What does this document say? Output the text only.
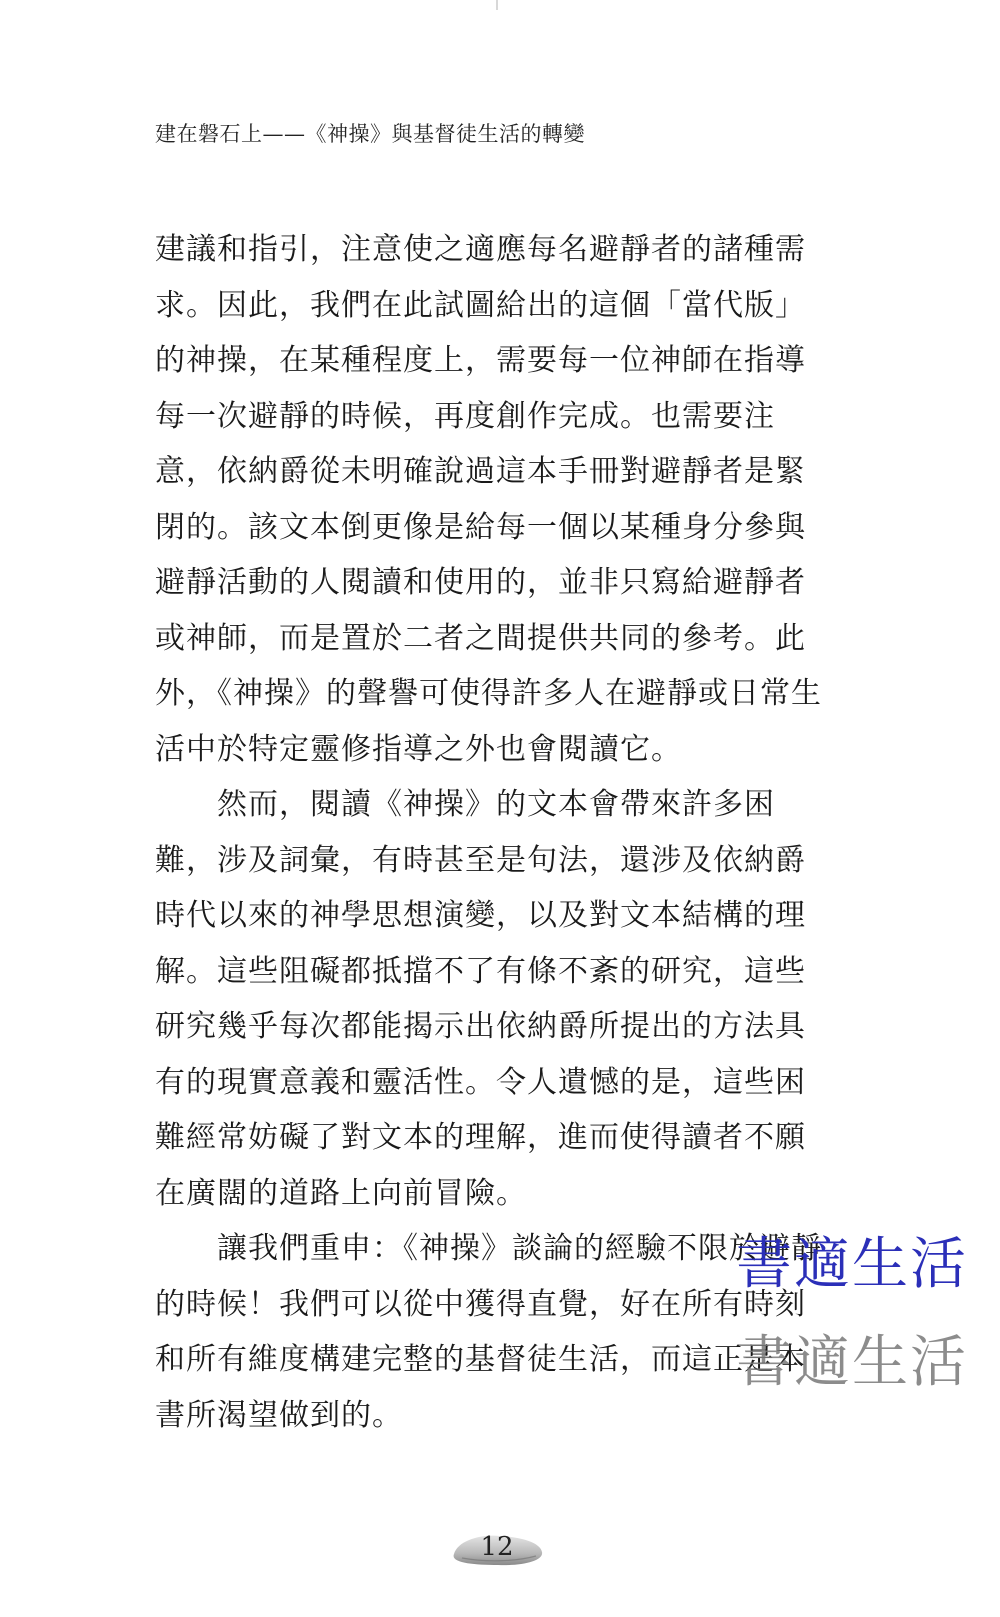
建在磐石上——《神操》與基督徒生活的轉變

建議和指引，注意使之適應每名避靜者的諸種需求。因此，我們在此試圖給出的這個「當代版」的神操，在某種程度上，需要每一位神師在指導每一次避靜的時候，再度創作完成。也需要注意，依納爵從未明確說過這本手冊對避靜者是緊閉的。該文本倒更像是給每一個以某種身分參與避靜活動的人閱讀和使用的，並非只寫給避靜者或神師，而是置於二者之間提供共同的參考。此外，《神操》的聲譽可使得許多人在避靜或日常生活中於特定靈修指導之外也會閱讀它。

然而，閱讀《神操》的文本會帶來許多困難，涉及詞彙，有時甚至是句法，還涉及依納爵時代以來的神學思想演變，以及對文本結構的理解。這些阻礙都抵擋不了有條不紊的研究，這些研究幾乎每次都能揭示出依納爵所提出的方法具有的現實意義和靈活性。令人遺憾的是，這些困難經常妨礙了對文本的理解，進而使得讀者不願在廣闊的道路上向前冒險。

讓我們重申：《神操》談論的經驗不限於避靜的時候！我們可以從中獲得直覺，好在所有時刻和所有維度構建完整的基督徒生活，而這正是本書所渴望做到的。

書適生活
書適生活
12
